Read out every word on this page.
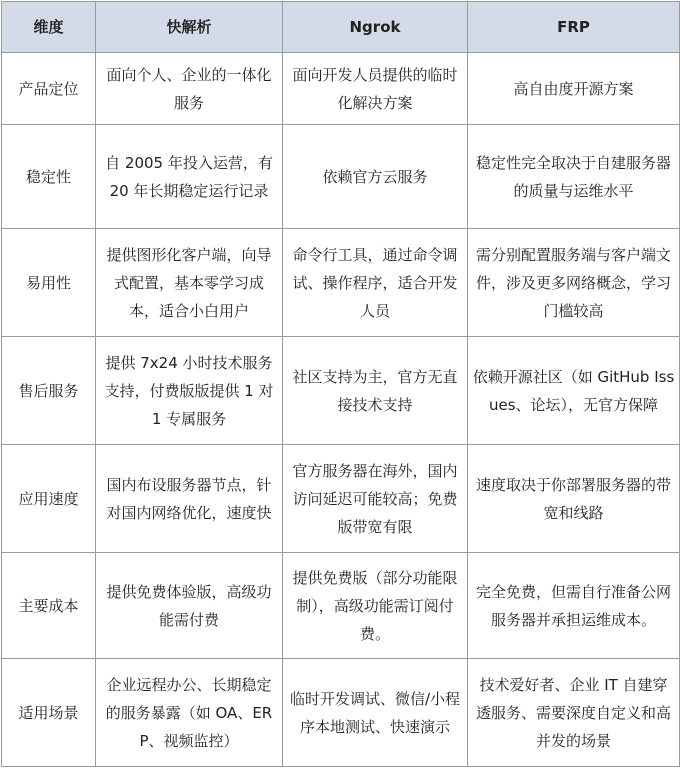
维度	快解析	Ngrok	FRP
产品定位	面向个人、企业的一体化服务	面向开发人员提供的临时化解决方案	高自由度开源方案
稳定性	自 2005 年投入运营，有 20 年长期稳定运行记录	依赖官方云服务	稳定性完全取决于自建服务器的质量与运维水平
易用性	提供图形化客户端，向导式配置，基本零学习成本，适合小白用户	命令行工具，通过命令调试、操作程序，适合开发人员	需分别配置服务端与客户端文件，涉及更多网络概念，学习门槛较高
售后服务	提供 7x24 小时技术服务支持，付费版版提供 1 对 1 专属服务	社区支持为主，官方无直接技术支持	依赖开源社区（如 GitHub Issues、论坛），无官方保障
应用速度	国内布设服务器节点，针对国内网络优化，速度快	官方服务器在海外，国内访问延迟可能较高；免费版带宽有限	速度取决于你部署服务器的带宽和线路
主要成本	提供免费体验版，高级功能需付费	提供免费版（部分功能限制），高级功能需订阅付费。	完全免费，但需自行准备公网服务器并承担运维成本。
适用场景	企业远程办公、长期稳定的服务暴露（如 OA、ERP、视频监控）	临时开发调试、微信/小程序本地测试、快速演示	技术爱好者、企业 IT 自建穿透服务、需要深度自定义和高并发的场景
